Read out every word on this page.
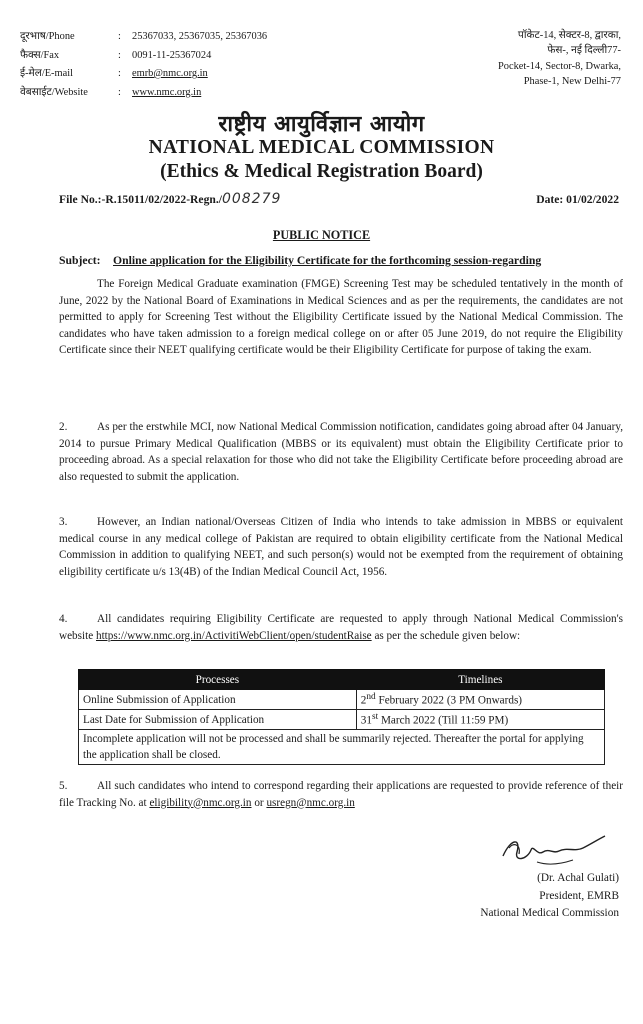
दूरभाष/Phone	:	25367033, 25367035, 25367036
फैक्स/Fax	:	0091-11-25367024
ई-मेल/E-mail	:	emrb@nmc.org.in
वेबसाईट/Website	:	www.nmc.org.in
पॉकेट-14, सेक्टर-8, द्वारका,
फेस-, नई दिल्ली77-
Pocket-14, Sector-8, Dwarka,
Phase-1, New Delhi-77
राष्ट्रीय आयुर्विज्ञान आयोग
NATIONAL MEDICAL COMMISSION
(Ethics & Medical Registration Board)
File No.:-R.15011/02/2022-Regn./008279	Date: 01/02/2022
PUBLIC NOTICE
Subject: Online application for the Eligibility Certificate for the forthcoming session-regarding
The Foreign Medical Graduate examination (FMGE) Screening Test may be scheduled tentatively in the month of June, 2022 by the National Board of Examinations in Medical Sciences and as per the requirements, the candidates are not permitted to apply for Screening Test without the Eligibility Certificate issued by the National Medical Commission. The candidates who have taken admission to a foreign medical college on or after 05 June 2019, do not require the Eligibility Certificate since their NEET qualifying certificate would be their Eligibility Certificate for purpose of taking the exam.
2.	As per the erstwhile MCI, now National Medical Commission notification, candidates going abroad after 04 January, 2014 to pursue Primary Medical Qualification (MBBS or its equivalent) must obtain the Eligibility Certificate prior to proceeding abroad. As a special relaxation for those who did not take the Eligibility Certificate before proceeding abroad are also requested to submit the application.
3.	However, an Indian national/Overseas Citizen of India who intends to take admission in MBBS or equivalent medical course in any medical college of Pakistan are required to obtain eligibility certificate from the National Medical Commission in addition to qualifying NEET, and such person(s) would not be exempted from the requirement of obtaining eligibility certificate u/s 13(4B) of the Indian Medical Council Act, 1956.
4.	All candidates requiring Eligibility Certificate are requested to apply through National Medical Commission's website https://www.nmc.org.in/ActivitiWebClient/open/studentRaise as per the schedule given below:
Processes	Timelines
Online Submission of Application	2nd February 2022 (3 PM Onwards)
Last Date for Submission of Application	31st March 2022 (Till 11:59 PM)
Incomplete application will not be processed and shall be summarily rejected. Thereafter the portal for applying the application shall be closed.	
5.	All such candidates who intend to correspond regarding their applications are requested to provide reference of their file Tracking No. at eligibility@nmc.org.in or usregn@nmc.org.in
(Dr. Achal Gulati)
President, EMRB
National Medical Commission
